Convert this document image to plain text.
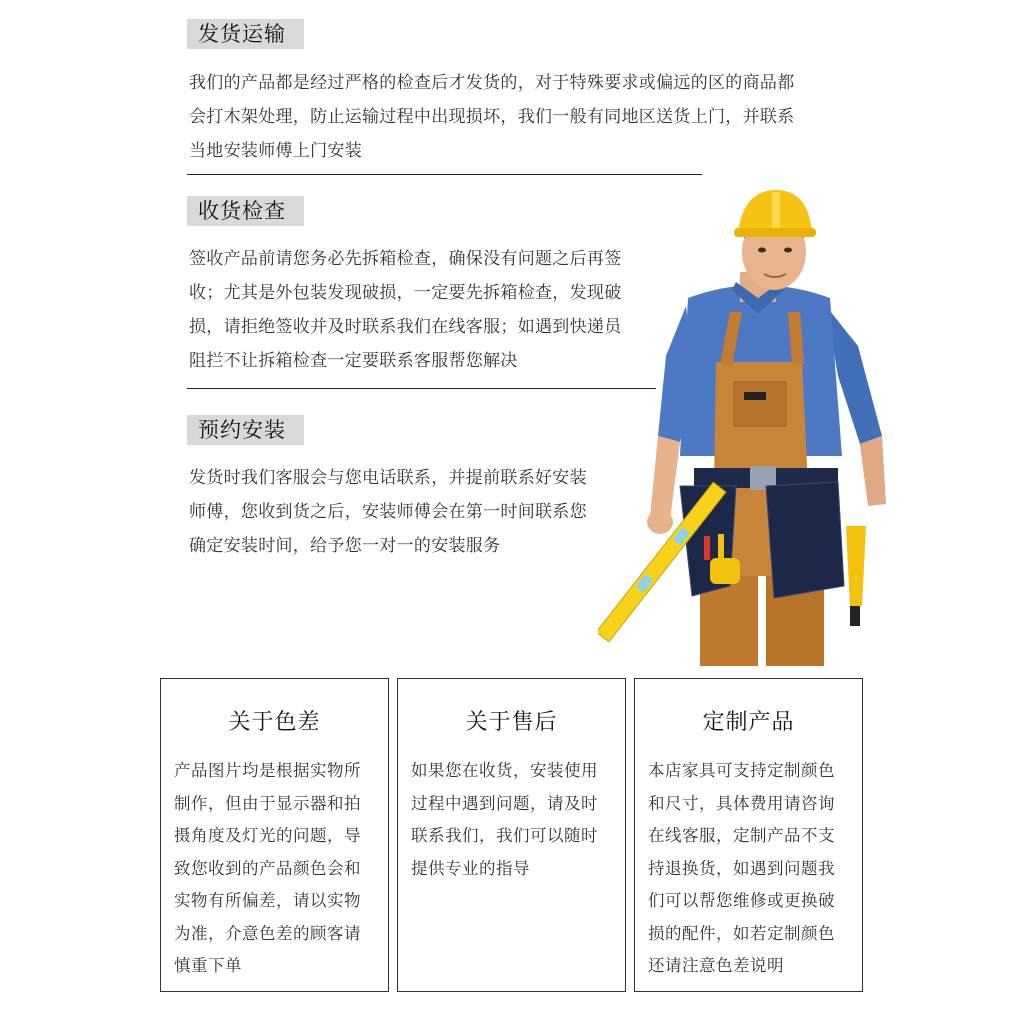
发货运输
我们的产品都是经过严格的检查后才发货的，对于特殊要求或偏远的区的商品都
会打木架处理，防止运输过程中出现损坏，我们一般有同地区送货上门，并联系
当地安装师傅上门安装
收货检查
签收产品前请您务必先拆箱检查，确保没有问题之后再签
收；尤其是外包装发现破损，一定要先拆箱检查，发现破
损，请拒绝签收并及时联系我们在线客服；如遇到快递员
阻拦不让拆箱检查一定要联系客服帮您解决
预约安装
发货时我们客服会与您电话联系，并提前联系好安装
师傅，您收到货之后，安装师傅会在第一时间联系您
确定安装时间，给予您一对一的安装服务
关于色差
产品图片均是根据实物所
制作，但由于显示器和拍
摄角度及灯光的问题，导
致您收到的产品颜色会和
实物有所偏差，请以实物
为准，介意色差的顾客请
慎重下单
关于售后
如果您在收货，安装使用
过程中遇到问题，请及时
联系我们，我们可以随时
提供专业的指导
定制产品
本店家具可支持定制颜色
和尺寸，具体费用请咨询
在线客服，定制产品不支
持退换货，如遇到问题我
们可以帮您维修或更换破
损的配件，如若定制颜色
还请注意色差说明
